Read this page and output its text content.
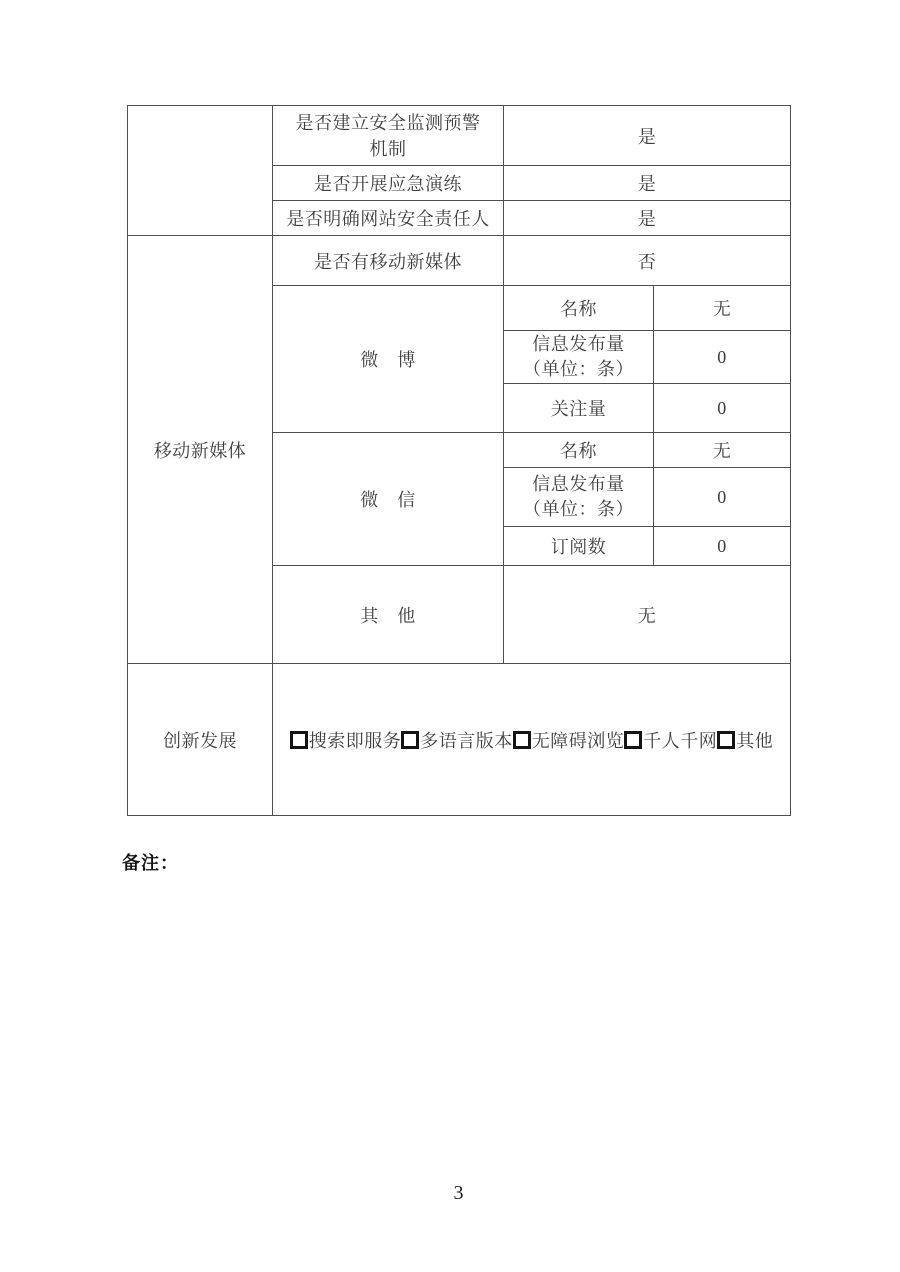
	是否建立安全监测预警
机制	是	
	是否开展应急演练	是	
	是否明确网站安全责任人	是	
移动新媒体	是否有移动新媒体	否	
	微　博	名称	无

		信息发布量
（单位：条）	0
		关注量	0
	微　信	名称	无

		信息发布量
（单位：条）	0
		订阅数	0
	其　他	无	
创新发展	搜索即服务 多语言版本 无障碍浏览 千人千网 其他		
备注：
3
